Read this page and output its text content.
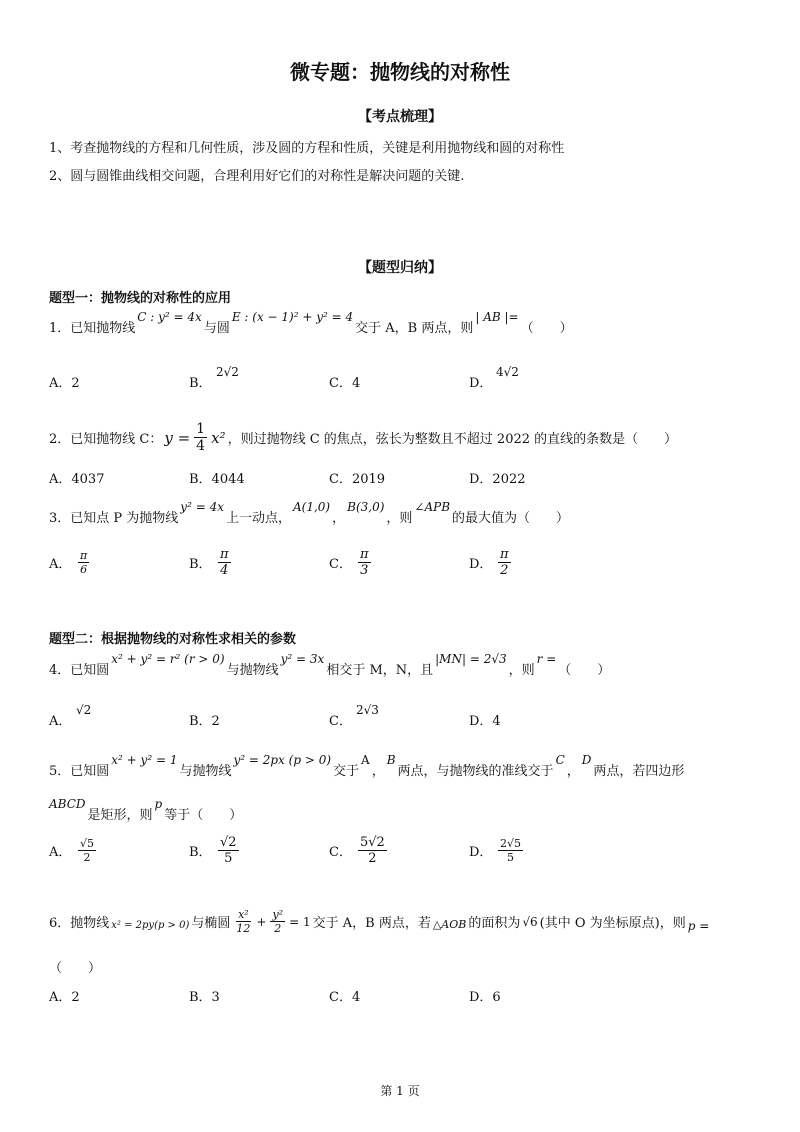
微专题：抛物线的对称性
【考点梳理】
1、考查抛物线的方程和几何性质，涉及圆的方程和性质，关键是利用抛物线和圆的对称性
2、圆与圆锥曲线相交问题，合理利用好它们的对称性是解决问题的关键.
【题型归纳】
题型一：抛物线的对称性的应用
1．已知抛物线
C : y² = 4x
与圆
E : (x − 1)² + y² = 4
交于 A，B 两点，则
| AB |=
（　　）
A．2	B．
2√2
C．4	D．
4√2
2．已知抛物线 C： $y = \frac{1}{4} x^2$ ，则过抛物线 C 的焦点，弦长为整数且不超过 2022 的直线的条数是（　　）
A．4037	B．4044	C．2019	D．2022
3．已知点 P 为抛物线
y² = 4x
上一动点，
A(1,0)
，
B(3,0)
，则
∠APB
的最大值为（　　）
A． $\frac{\pi}{6}$	B． $\frac{\pi}{4}$	C． $\frac{\pi}{3}$	D． $\frac{\pi}{2}$
题型二：根据抛物线的对称性求相关的参数
4．已知圆
x² + y² = r² (r > 0)
与抛物线
y² = 3x
相交于 M，N，且
|MN| = 2√3
，则
r =
（　　）
A．
√2
B．2	C．
2√3
D．4
5．已知圆
x² + y² = 1
与抛物线
y² = 2px (p > 0)
交于
A
，
B
两点，与抛物线的准线交于
C
，
D
两点，若四边形
ABCD
是矩形，则
p
等于（　　）
A． $\frac{√5}{2}$	B． $\frac{√2}{5}$	C． $\frac{5√2}{2}$	D． $\frac{2√5}{5}$
6．抛物线 x² = 2py(p > 0) 与椭圆 $\frac{\text{x²}}{12} + \frac{\text{y²}}{2} = 1$ 交于 A，B 两点，若 △AOB 的面积为 √6 (其中 O 为坐标原点)，则 p =
（　　）
A．2	B．3	C．4	D．6
第 1 页
